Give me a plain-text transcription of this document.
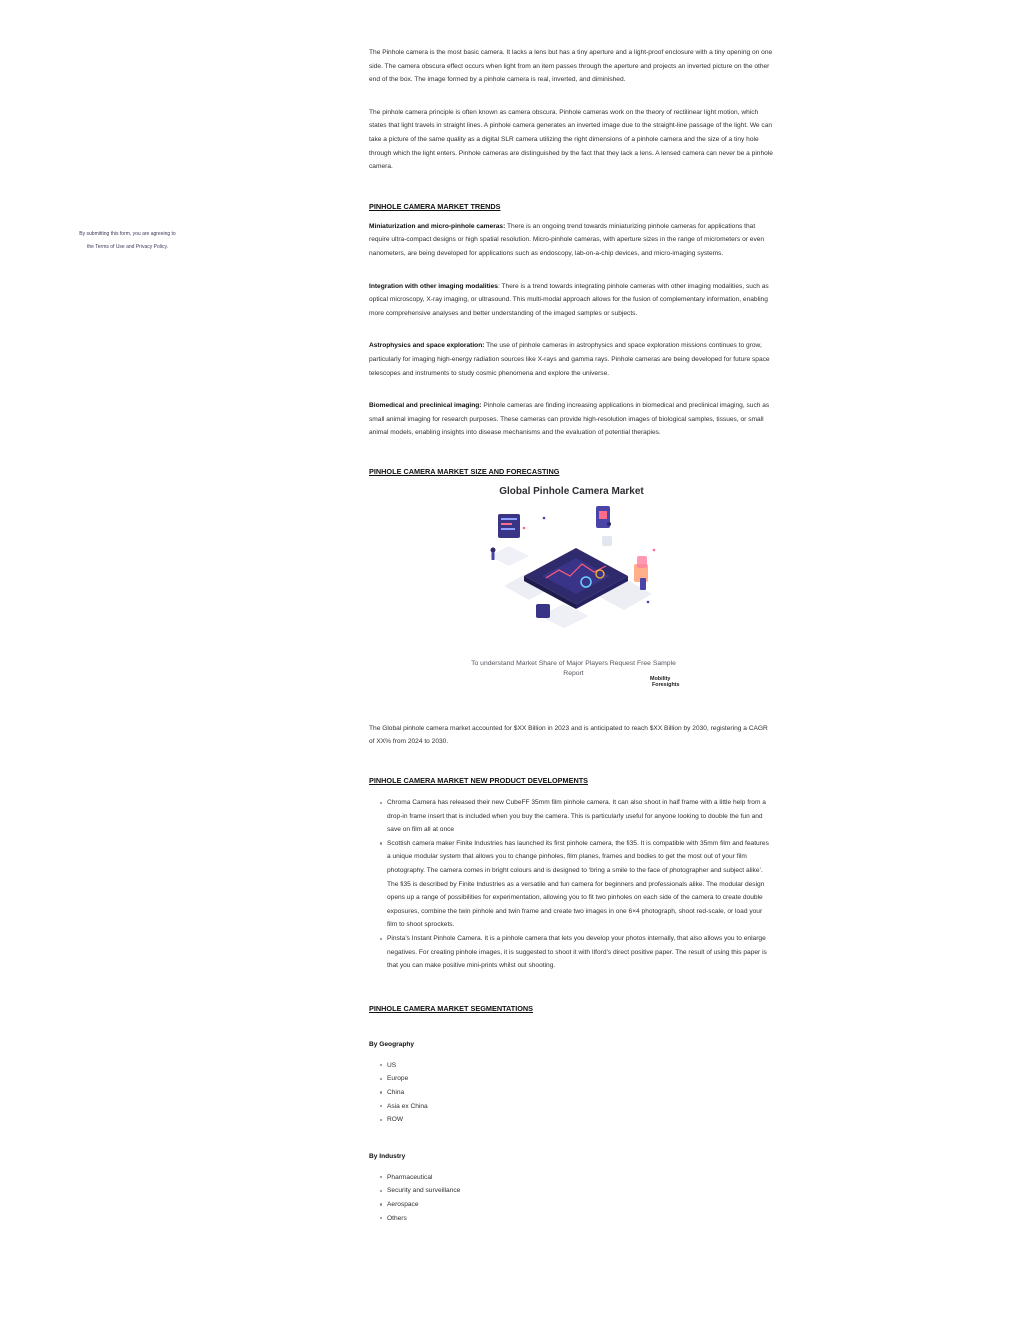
By submitting this form, you are agreeing to
the Terms of Use and Privacy Policy.

The Pinhole camera is the most basic camera. It lacks a lens but has a tiny aperture and a light-proof enclosure with a tiny opening on one side. The camera obscura effect occurs when light from an item passes through the aperture and projects an inverted picture on the other end of the box. The image formed by a pinhole camera is real, inverted, and diminished.

The pinhole camera principle is often known as camera obscura. Pinhole cameras work on the theory of rectilinear light motion, which states that light travels in straight lines. A pinhole camera generates an inverted image due to the straight-line passage of the light. We can take a picture of the same quality as a digital SLR camera utilizing the right dimensions of a pinhole camera and the size of a tiny hole through which the light enters. Pinhole cameras are distinguished by the fact that they lack a lens. A lensed camera can never be a pinhole camera.

PINHOLE CAMERA MARKET TRENDS

Miniaturization and micro-pinhole cameras: There is an ongoing trend towards miniaturizing pinhole cameras for applications that require ultra-compact designs or high spatial resolution. Micro-pinhole cameras, with aperture sizes in the range of micrometers or even nanometers, are being developed for applications such as endoscopy, lab-on-a-chip devices, and micro-imaging systems.

Integration with other imaging modalities: There is a trend towards integrating pinhole cameras with other imaging modalities, such as optical microscopy, X-ray imaging, or ultrasound. This multi-modal approach allows for the fusion of complementary information, enabling more comprehensive analyses and better understanding of the imaged samples or subjects.

Astrophysics and space exploration: The use of pinhole cameras in astrophysics and space exploration missions continues to grow, particularly for imaging high-energy radiation sources like X-rays and gamma rays. Pinhole cameras are being developed for future space telescopes and instruments to study cosmic phenomena and explore the universe.

Biomedical and preclinical imaging: Pinhole cameras are finding increasing applications in biomedical and preclinical imaging, such as small animal imaging for research purposes. These cameras can provide high-resolution images of biological samples, tissues, or small animal models, enabling insights into disease mechanisms and the evaluation of potential therapies.

PINHOLE CAMERA MARKET SIZE AND FORECASTING
Global Pinhole Camera Market
To understand Market Share of Major Players Request Free Sample Report
Mobility
Foresights

The Global pinhole camera market accounted for $XX Billion in 2023 and is anticipated to reach $XX Billion by 2030, registering a CAGR of XX% from 2024 to 2030.

PINHOLE CAMERA MARKET NEW PRODUCT DEVELOPMENTS
Chroma Camera has released their new CubeFF 35mm film pinhole camera. It can also shoot in half frame with a little help from a drop-in frame insert that is included when you buy the camera. This is particularly useful for anyone looking to double the fun and save on film all at once
Scottish camera maker Finite Industries has launched its first pinhole camera, the fi35. It is compatible with 35mm film and features a unique modular system that allows you to change pinholes, film planes, frames and bodies to get the most out of your film photography. The camera comes in bright colours and is designed to ‘bring a smile to the face of photographer and subject alike’. The fi35 is described by Finite Industries as a versatile and fun camera for beginners and professionals alike. The modular design opens up a range of possibilities for experimentation, allowing you to fit two pinholes on each side of the camera to create double exposures, combine the twin pinhole and twin frame and create two images in one 6×4 photograph, shoot red-scale, or load your film to shoot sprockets.
Pinsta’s Instant Pinhole Camera. It is a pinhole camera that lets you develop your photos internally, that also allows you to enlarge negatives. For creating pinhole images, it is suggested to shoot it with Ilford’s direct positive paper. The result of using this paper is that you can make positive mini-prints whilst out shooting.
PINHOLE CAMERA MARKET SEGMENTATIONS
By Geography
US
Europe
China
Asia ex China
ROW
By Industry
Pharmaceutical
Security and surveillance
Aerospace
Others
